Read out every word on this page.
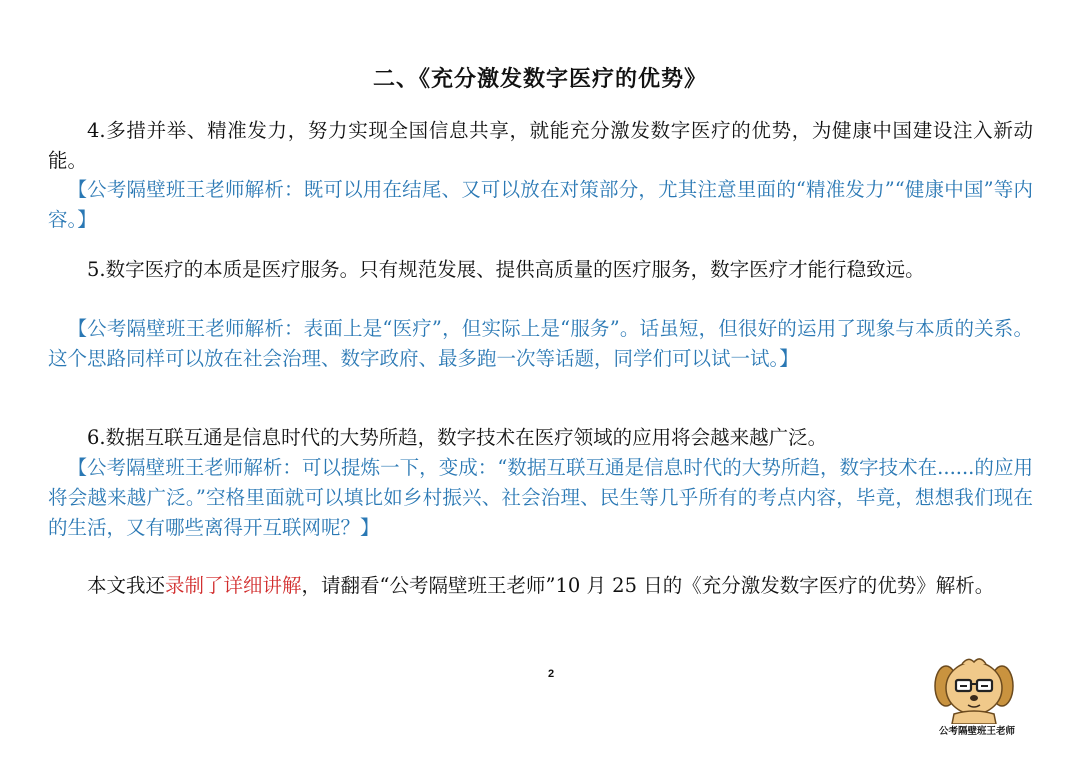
二、《充分激发数字医疗的优势》

4.多措并举、精准发力，努力实现全国信息共享，就能充分激发数字医疗的优势，为健康中国建设注入新动能。

【公考隔壁班王老师解析：既可以用在结尾、又可以放在对策部分，尤其注意里面的“精准发力”“健康中国”等内容。】

5.数字医疗的本质是医疗服务。只有规范发展、提供高质量的医疗服务，数字医疗才能行稳致远。

【公考隔壁班王老师解析：表面上是“医疗”，但实际上是“服务”。话虽短，但很好的运用了现象与本质的关系。这个思路同样可以放在社会治理、数字政府、最多跑一次等话题，同学们可以试一试。】

6.数据互联互通是信息时代的大势所趋，数字技术在医疗领域的应用将会越来越广泛。

【公考隔壁班王老师解析：可以提炼一下，变成：“数据互联互通是信息时代的大势所趋，数字技术在......的应用将会越来越广泛。”空格里面就可以填比如乡村振兴、社会治理、民生等几乎所有的考点内容，毕竟，想想我们现在的生活，又有哪些离得开互联网呢？】

本文我还录制了详细讲解，请翻看“公考隔壁班王老师”10 月 25 日的《充分激发数字医疗的优势》解析。

2
公考隔壁班王老师
